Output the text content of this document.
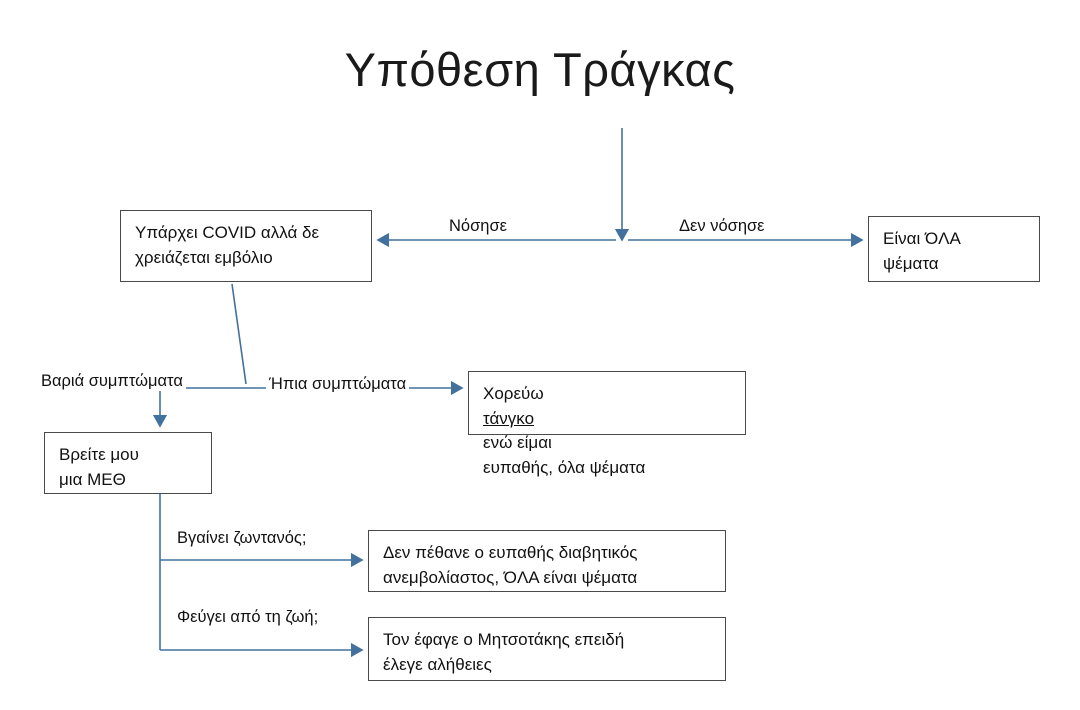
Υπόθεση Τράγκας
Υπάρχει COVID αλλά δε
χρειάζεται εμβόλιο
Είναι ΌΛΑ
ψέματα
Βρείτε μου
μια ΜΕΘ
Χορεύω
τάνγκο
ενώ είμαι
ευπαθής, όλα ψέματα
Δεν πέθανε ο ευπαθής διαβητικός
ανεμβολίαστος, ΌΛΑ είναι ψέματα
Τον έφαγε ο Μητσοτάκης επειδή
έλεγε αλήθειες
Νόσησε	Δεν νόσησε
Βαριά συμπτώματα	Ήπια συμπτώματα
Βγαίνει ζωντανός;
Φεύγει από τη ζωή;
